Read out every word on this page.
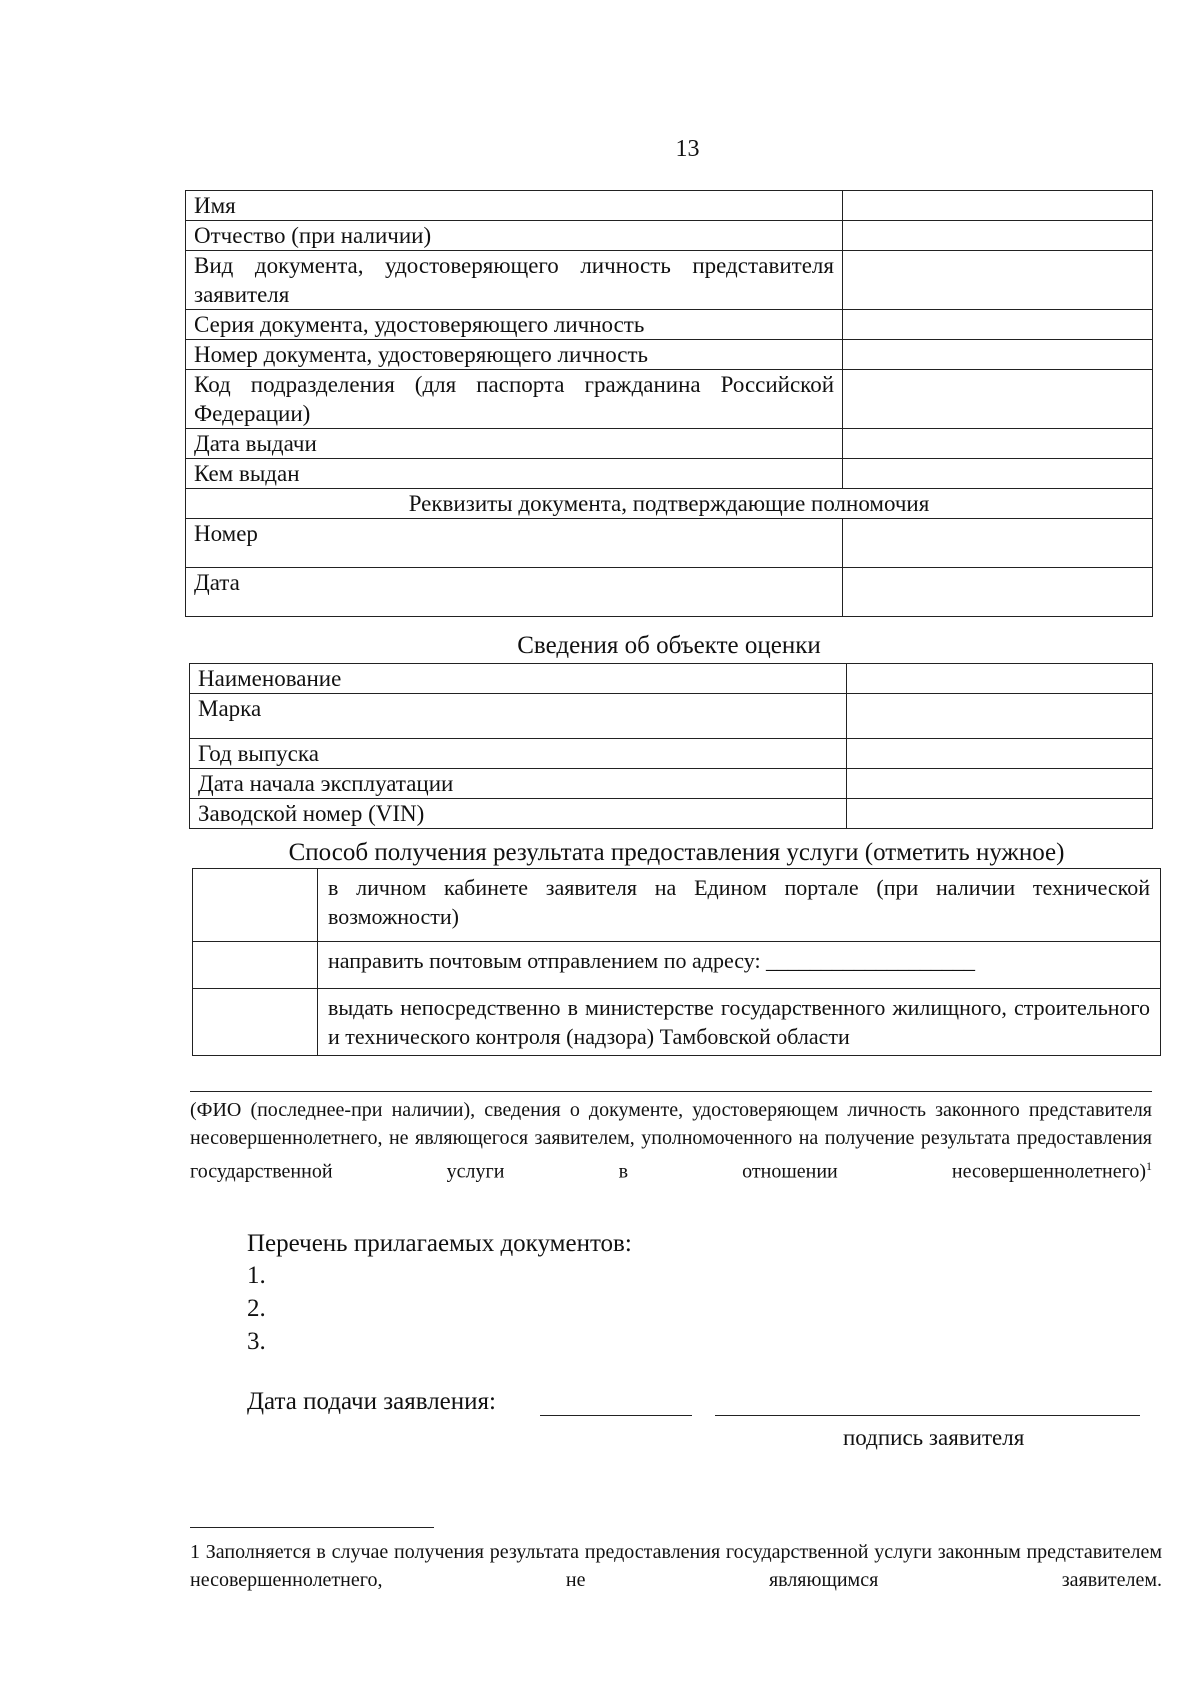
13
Имя	
Отчество (при наличии)	
Вид документа, удостоверяющего личность представителя заявителя	
Серия документа, удостоверяющего личность	
Номер документа, удостоверяющего личность	
Код подразделения (для паспорта гражданина Российской Федерации)	
Дата выдачи	
Кем выдан	
Реквизиты документа, подтверждающие полномочия	
Номер	
Дата	
Сведения об объекте оценки
Наименование	
Марка	
Год выпуска	
Дата начала эксплуатации	
Заводской номер (VIN)	
Способ получения результата предоставления услуги (отметить нужное)
	в личном кабинете заявителя на Едином портале (при наличии технической возможности)
	направить почтовым отправлением по адресу: ___________________
	выдать непосредственно в министерстве государственного жилищного, строительного и технического контроля (надзора) Тамбовской области
(ФИО (последнее-при наличии), сведения о документе, удостоверяющем личность законного представителя несовершеннолетнего, не являющегося заявителем, уполномоченного на получение результата предоставления государственной услуги в отношении несовершеннолетнего)$^1$
Перечень прилагаемых документов:
1.
2.
3.
Дата подачи заявления:
подпись заявителя
1 Заполняется в случае получения результата предоставления государственной услуги законным представителем несовершеннолетнего, не являющимся заявителем.
